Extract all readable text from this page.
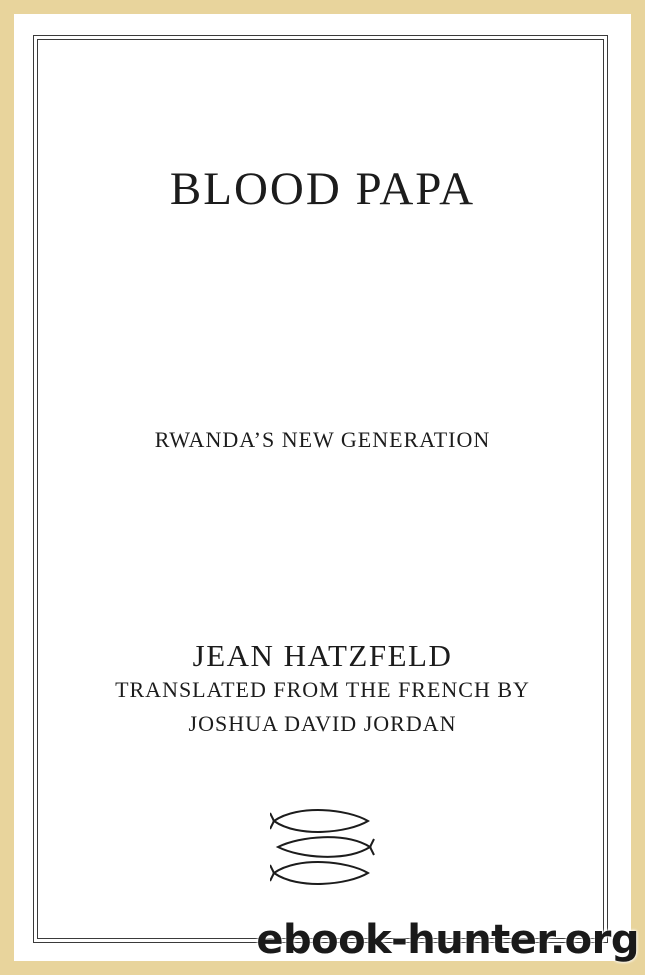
BLOOD PAPA
RWANDA’S NEW GENERATION
JEAN HATZFELD
TRANSLATED FROM THE FRENCH BY
JOSHUA DAVID JORDAN
ebook-hunter.org
